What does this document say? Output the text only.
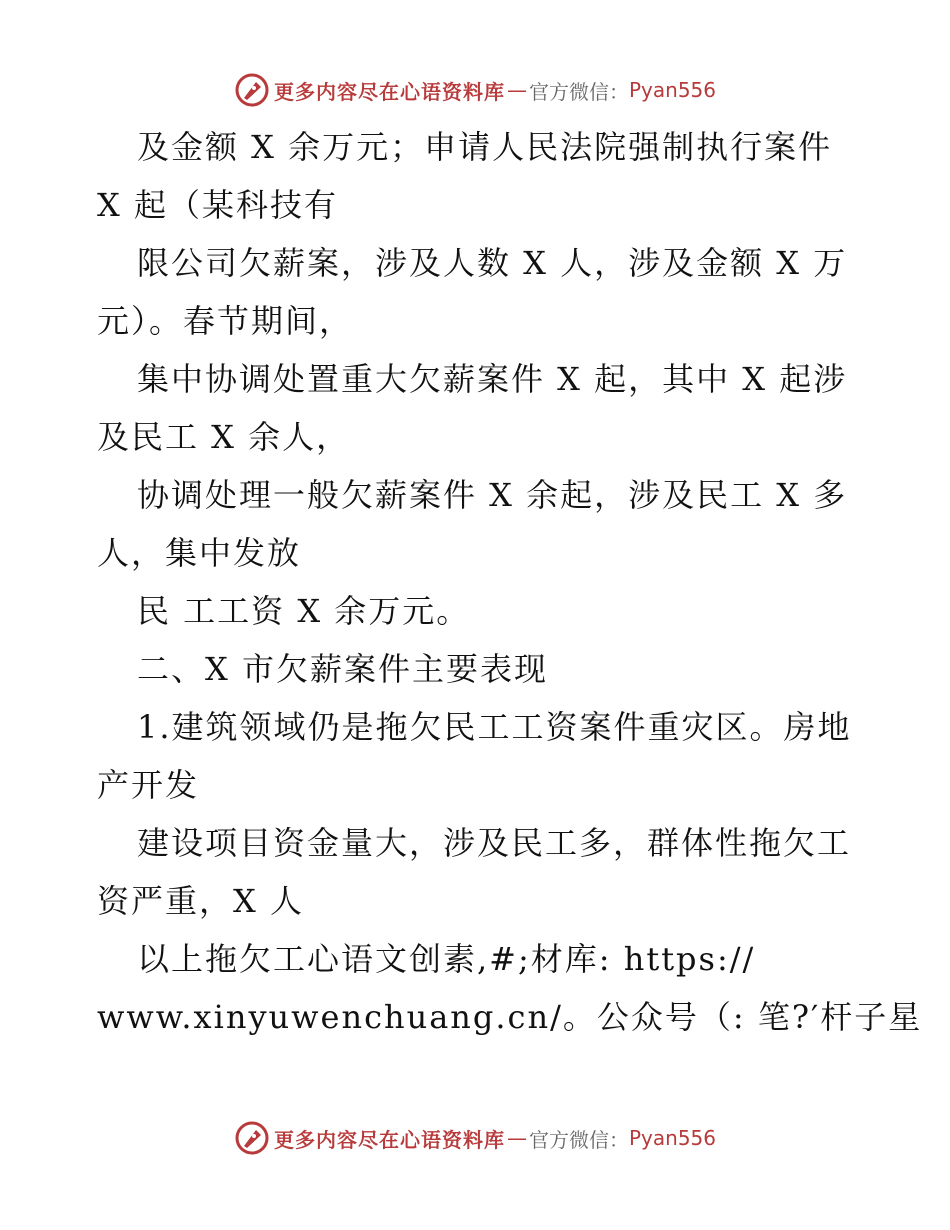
更多内容尽在心语资料库 — 官方微信： Pyan556
及金额 X 余万元；申请人民法院强制执行案件
X 起（某科技有
限公司欠薪案，涉及人数 X 人，涉及金额 X 万
元）。春节期间，
集中协调处置重大欠薪案件 X 起，其中 X 起涉
及民工 X 余人，
协调处理一般欠薪案件 X 余起，涉及民工 X 多
人，集中发放
民 工工资 X 余万元。
二、X 市欠薪案件主要表现
1.建筑领域仍是拖欠民工工资案件重灾区。房地
产开发
建设项目资金量大，涉及民工多，群体性拖欠工
资严重，X 人
以上拖欠工心语文创素,#;材库: https://
www.xinyuwenchuang.cn/。公众号（: 笔?′杆子星
更多内容尽在心语资料库 — 官方微信： Pyan556
